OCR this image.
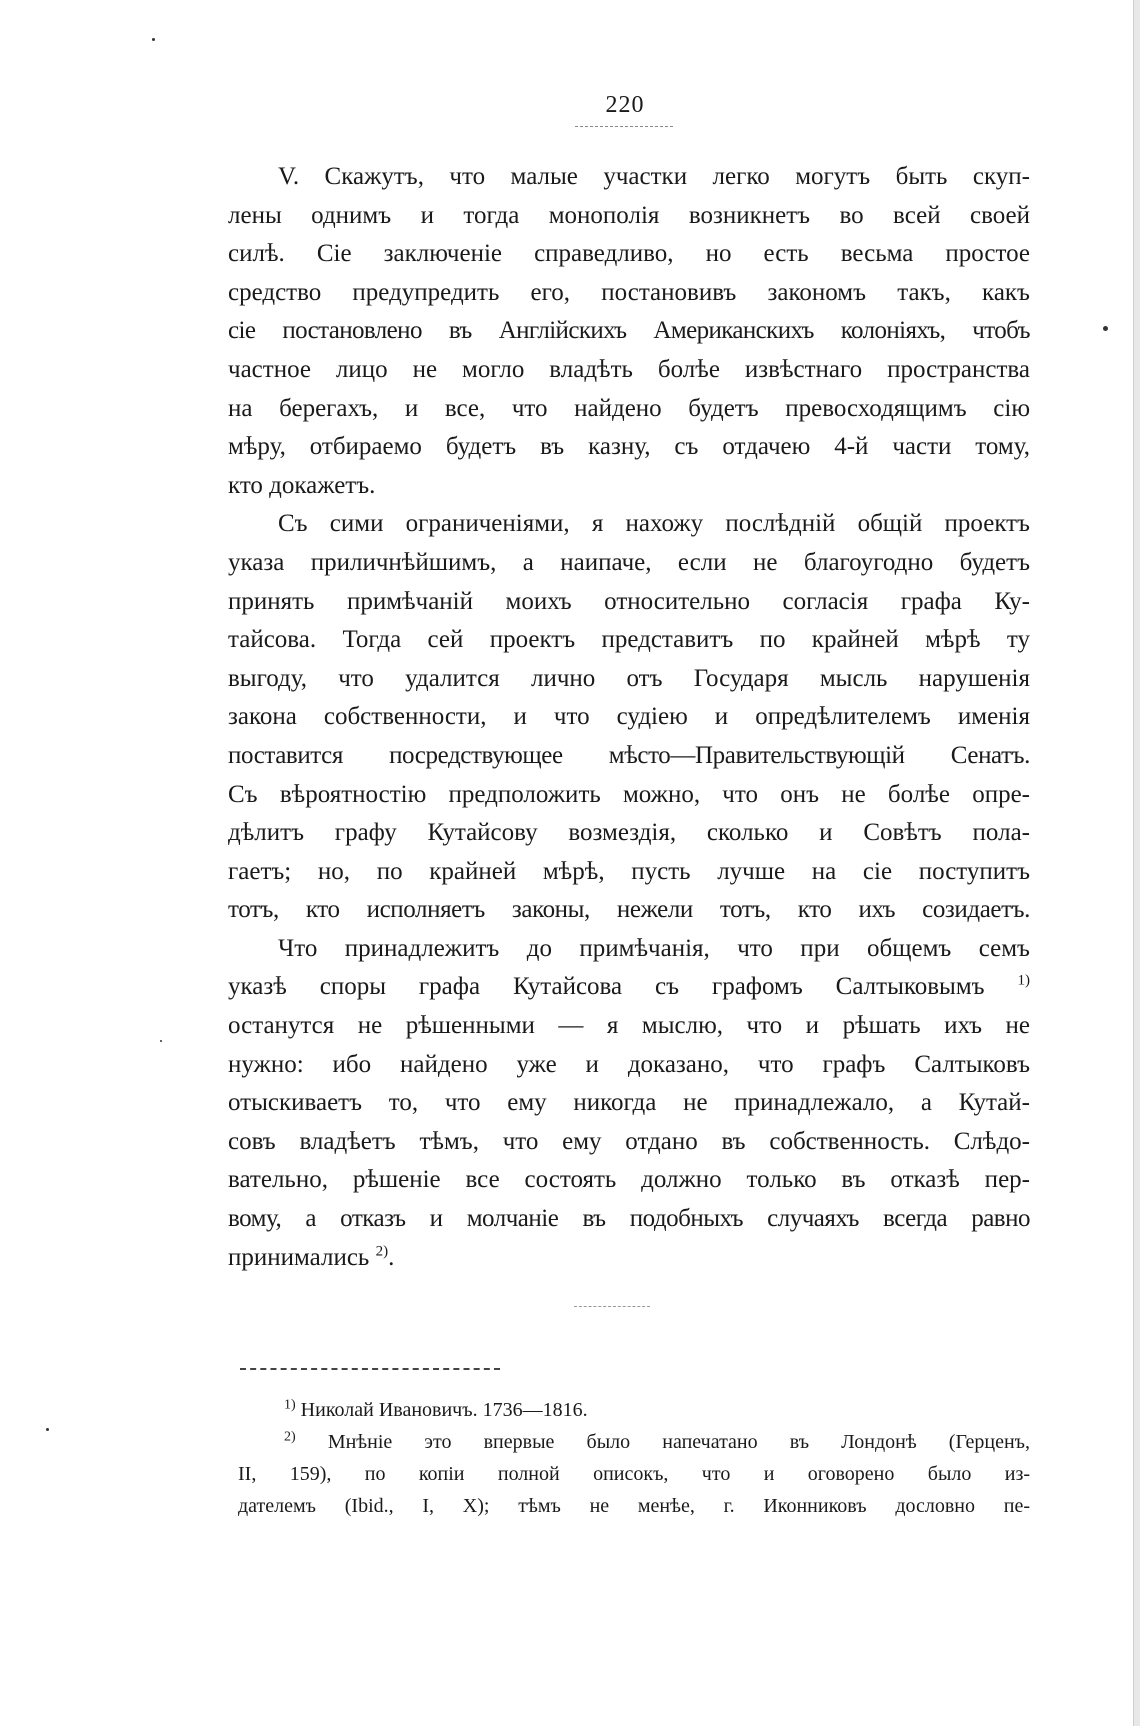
220
V. Скажутъ, что малые участки легко могутъ быть скуп-
лены однимъ и тогда монополія возникнетъ во всей своей
силѣ. Сіе заключеніе справедливо, но есть весьма простое
средство предупредить его, постановивъ закономъ такъ, какъ
сіе постановлено въ Англійскихъ Американскихъ колоніяхъ, чтобъ
частное лицо не могло владѣть болѣе извѣстнаго пространства
на берегахъ, и все, что найдено будетъ превосходящимъ сію
мѣру, отбираемо будетъ въ казну, съ отдачею 4-й части тому,
кто докажетъ.
Съ сими ограниченіями, я нахожу послѣдній общій проектъ
указа приличнѣйшимъ, а наипаче, если не благоугодно будетъ
принять примѣчаній моихъ относительно согласія графа Ку-
тайсова. Тогда сей проектъ представитъ по крайней мѣрѣ ту
выгоду, что удалится лично отъ Государя мысль нарушенія
закона собственности, и что судіею и опредѣлителемъ именія
поставится посредствующее мѣсто—Правительствующій Сенатъ.
Съ вѣроятностію предположить можно, что онъ не болѣе опре-
дѣлитъ графу Кутайсову возмездія, сколько и Совѣтъ пола-
гаетъ; но, по крайней мѣрѣ, пусть лучше на сіе поступитъ
тотъ, кто исполняетъ законы, нежели тотъ, кто ихъ созидаетъ.
Что принадлежитъ до примѣчанія, что при общемъ семъ
указѣ споры графа Кутайсова съ графомъ Салтыковымъ $^{1)}$
останутся не рѣшенными — я мыслю, что и рѣшать ихъ не
нужно: ибо найдено уже и доказано, что графъ Салтыковъ
отыскиваетъ то, что ему никогда не принадлежало, а Кутай-
совъ владѣетъ тѣмъ, что ему отдано въ собственность. Слѣдо-
вательно, рѣшеніе все состоять должно только въ отказѣ пер-
вому, а отказъ и молчаніе въ подобныхъ случаяхъ всегда равно
принимались $^{2)}$.
$^{1)}$ Николай Ивановичъ. 1736—1816.
$^{2)}$ Мнѣніе это впервые было напечатано въ Лондонѣ (Герценъ,
II, 159), по копіи полной описокъ, что и оговорено было из-
дателемъ (Ibid., I, X); тѣмъ не менѣе, г. Иконниковъ дословно пе-
